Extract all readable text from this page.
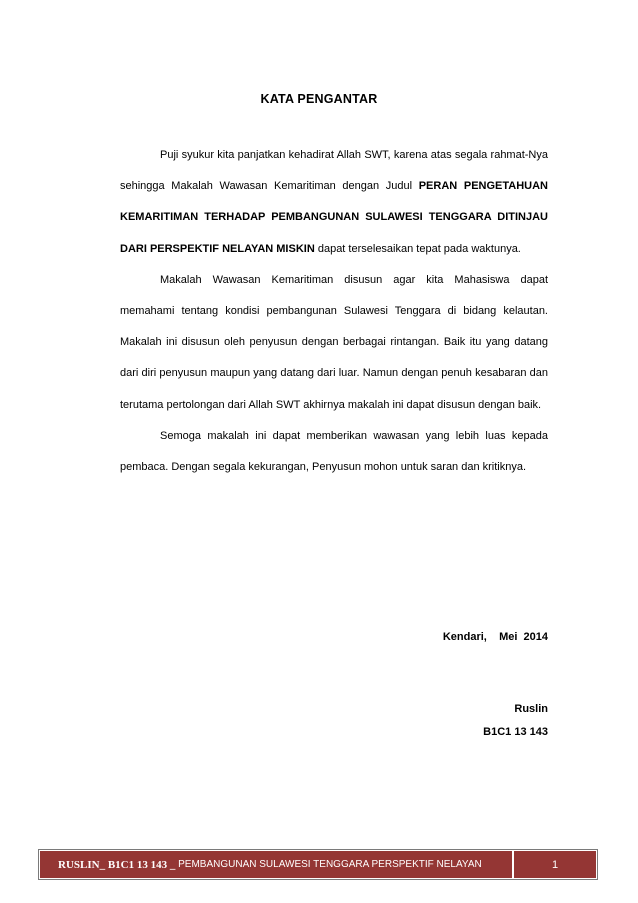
KATA PENGANTAR

Puji syukur kita panjatkan kehadirat Allah SWT, karena atas segala rahmat-Nya sehingga Makalah Wawasan Kemaritiman dengan Judul PERAN PENGETAHUAN KEMARITIMAN TERHADAP PEMBANGUNAN SULAWESI TENGGARA DITINJAU DARI PERSPEKTIF NELAYAN MISKIN dapat terselesaikan tepat pada waktunya.

Makalah Wawasan Kemaritiman disusun agar kita Mahasiswa dapat memahami tentang kondisi pembangunan Sulawesi Tenggara di bidang kelautan. Makalah ini disusun oleh penyusun dengan berbagai rintangan. Baik itu yang datang dari diri penyusun maupun yang datang dari luar. Namun dengan penuh kesabaran dan terutama pertolongan dari Allah SWT akhirnya makalah ini dapat disusun dengan baik.

Semoga makalah ini dapat memberikan wawasan yang lebih luas kepada pembaca. Dengan segala kekurangan, Penyusun mohon untuk saran dan kritiknya.

Kendari,    Mei  2014
Ruslin
B1C1 13 143
RUSLIN_ B1C1 13 143 _ PEMBANGUNAN SULAWESI TENGGARA PERSPEKTIF NELAYAN	1
